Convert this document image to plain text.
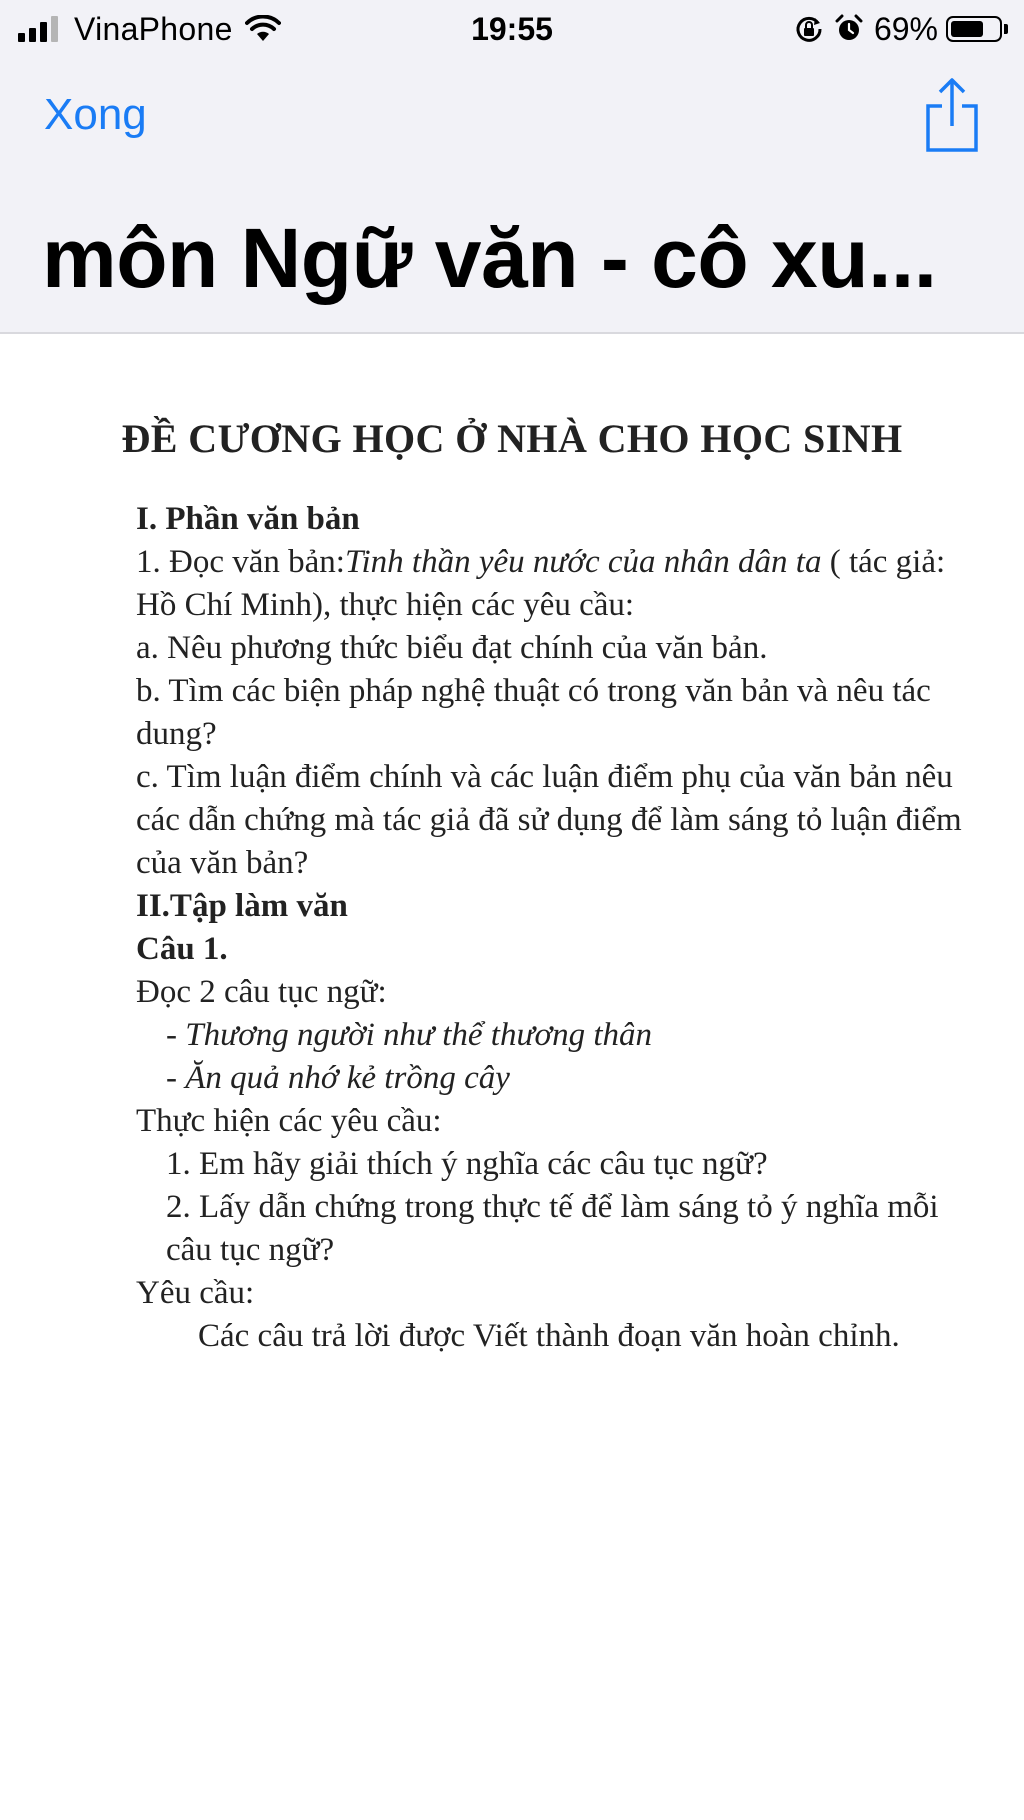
VinaPhone	19:55	69%
Xong
môn Ngữ văn - cô xu...
ĐỀ CƯƠNG HỌC Ở NHÀ CHO HỌC SINH

I. Phần văn bản

1. Đọc văn bản:Tinh thần yêu nước của nhân dân ta ( tác giả: Hồ Chí Minh), thực hiện các yêu cầu:

a. Nêu phương thức biểu đạt chính của văn bản.

b. Tìm các biện pháp nghệ thuật có trong văn bản và nêu tác dung?

c. Tìm luận điểm chính và các luận điểm phụ của văn bản nêu các dẫn chứng mà tác giả đã sử dụng để làm sáng tỏ luận điểm của văn bản?

II.Tập làm văn

Câu 1.

Đọc 2 câu tục ngữ:

- Thương người như thể thương thân

- Ăn quả nhớ kẻ trồng cây

Thực hiện các yêu cầu:

1. Em hãy giải thích ý nghĩa các câu tục ngữ?

2. Lấy dẫn chứng trong thực tế để làm sáng tỏ ý nghĩa mỗi câu tục ngữ?

Yêu cầu:

Các câu trả lời được Viết thành đoạn văn hoàn chỉnh.
